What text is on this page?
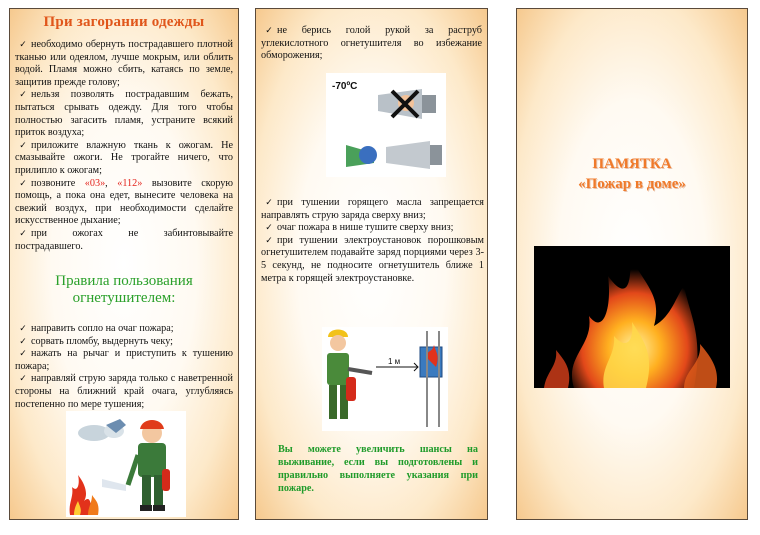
При загорании одежды

✓ необходимо обернуть пострадавшего плотной тканью или одеялом, лучше мокрым, или облить водой. Пламя можно сбить, катаясь по земле, защитив прежде голову;

✓ нельзя позволять пострадавшим бежать, пытаться срывать одежду. Для того чтобы полностью загасить пламя, устраните всякий приток воздуха;

✓ приложите влажную ткань к ожогам. Не смазывайте ожоги. Не трогайте ничего, что прилипло к ожогам;

✓ позвоните «03», «112» вызовите скорую помощь, а пока она едет, вынесите человека на свежий воздух, при необходимости сделайте искусственное дыхание;

✓ при ожогах не забинтовывайте пострадавшего.

Правила пользования
огнетушителем:

✓ направить сопло на очаг пожара;

✓ сорвать пломбу, выдернуть чеку;

✓ нажать на рычаг и приступить к тушению пожара;

✓ направляй струю заряда только с наветренной стороны на ближний край очага, углубляясь постепенно по мере тушения;

✓ не берись голой рукой за раструб углекислотного огнетушителя во избежание обморожения;

-70ºС

✓ при тушении горящего масла запрещается направлять струю заряда сверху вниз;

✓ очаг пожара в нише тушите сверху вниз;

✓ при тушении электроустановок порошковым огнетушителем подавайте заряд порциями через 3-5 секунд, не подносите огнетушитель ближе 1 метра к горящей электроустановке.

1 м
Вы можете увеличить шансы на выживание, если вы подготовлены и правильно выполняете указания при пожаре.
ПАМЯТКА
«Пожар в доме»
